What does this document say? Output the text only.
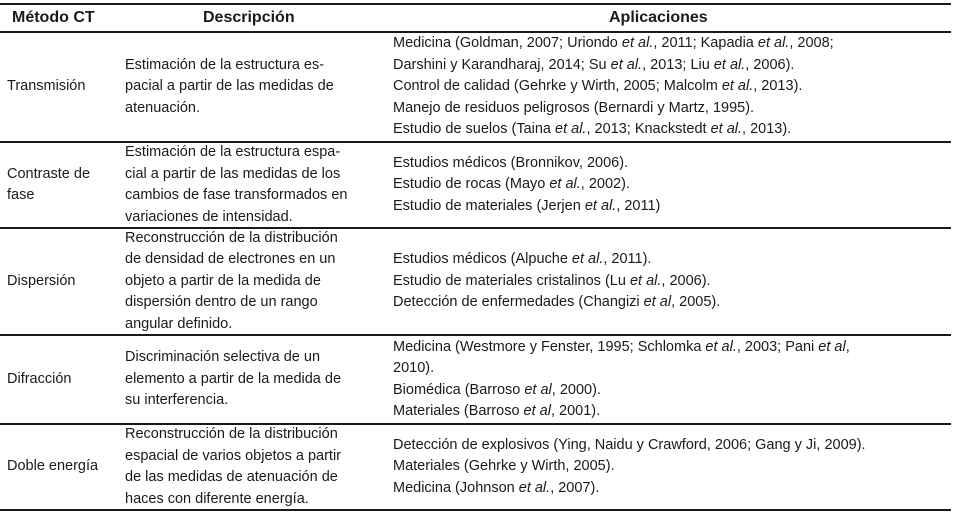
Método CT	Descripción	Aplicaciones
Transmisión
Estimación de la estructura es-
pacial a partir de las medidas de
atenuación.
Medicina (Goldman, 2007; Uriondo et al., 2011; Kapadia et al., 2008;
Darshini y Karandharaj, 2014; Su et al., 2013; Liu et al., 2006).
Control de calidad (Gehrke y Wirth, 2005; Malcolm et al., 2013).
Manejo de residuos peligrosos (Bernardi y Martz, 1995).
Estudio de suelos (Taina et al., 2013; Knackstedt et al., 2013).
Contraste de
fase
Estimación de la estructura espa-
cial a partir de las medidas de los
cambios de fase transformados en
variaciones de intensidad.
Estudios médicos (Bronnikov, 2006).
Estudio de rocas (Mayo et al., 2002).
Estudio de materiales (Jerjen et al., 2011)
Dispersión
Reconstrucción de la distribución
de densidad de electrones en un
objeto a partir de la medida de
dispersión dentro de un rango
angular definido.
Estudios médicos (Alpuche et al., 2011).
Estudio de materiales cristalinos (Lu et al., 2006).
Detección de enfermedades (Changizi et al, 2005).
Difracción
Discriminación selectiva de un
elemento a partir de la medida de
su interferencia.
Medicina (Westmore y Fenster, 1995; Schlomka et al., 2003; Pani et al,
2010).
Biomédica (Barroso et al, 2000).
Materiales (Barroso et al, 2001).
Doble energía
Reconstrucción de la distribución
espacial de varios objetos a partir
de las medidas de atenuación de
haces con diferente energía.
Detección de explosivos (Ying, Naidu y Crawford, 2006; Gang y Ji, 2009).
Materiales (Gehrke y Wirth, 2005).
Medicina (Johnson et al., 2007).
